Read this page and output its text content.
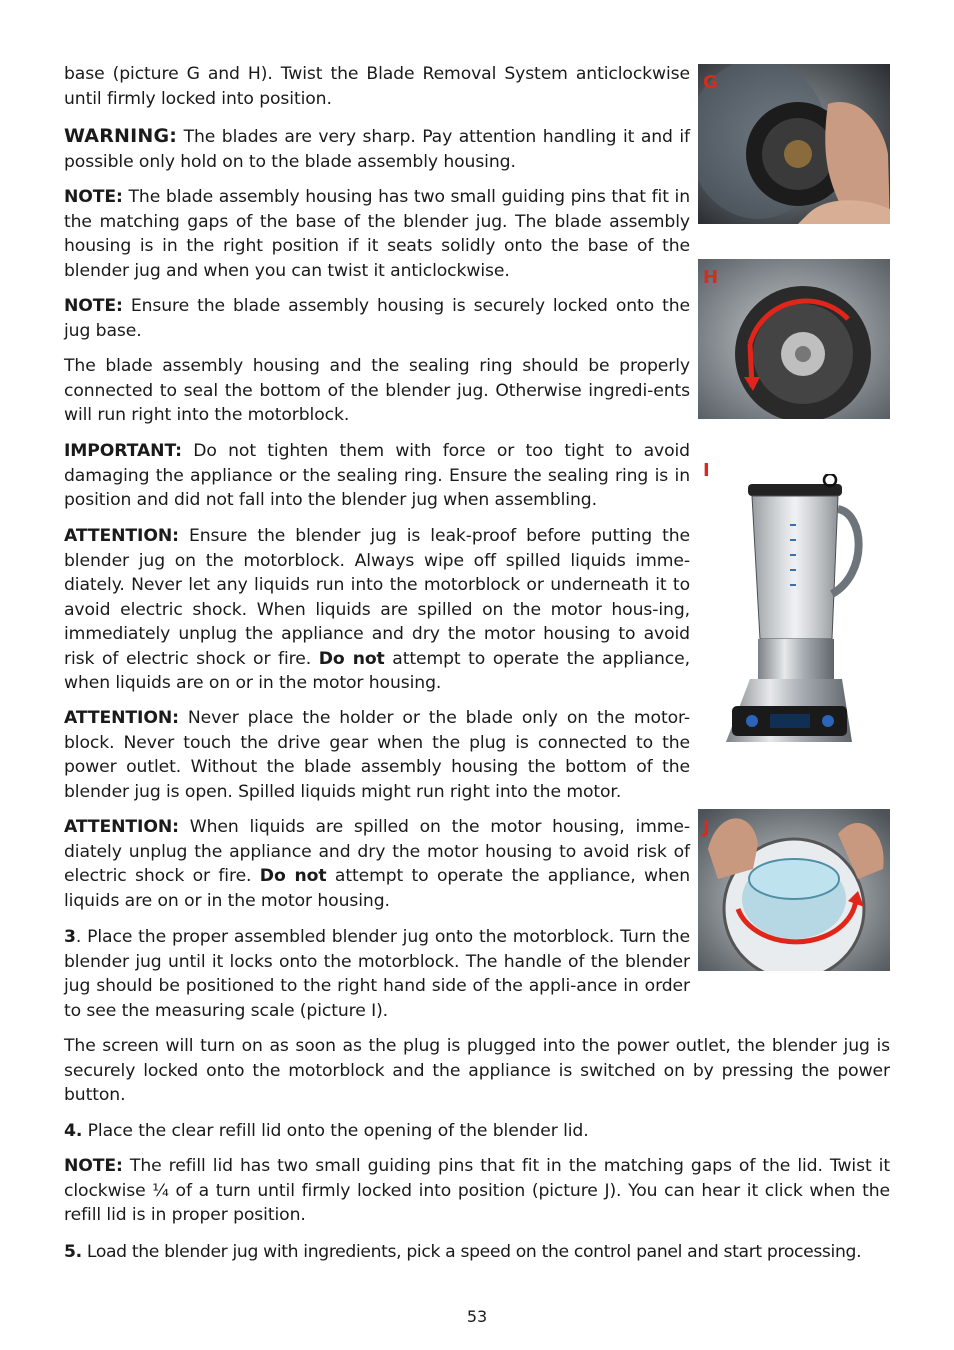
base (picture G and H). Twist the Blade Removal System anticlockwise until firmly locked into position.

WARNING: The blades are very sharp. Pay attention handling it and if possible only hold on to the blade assembly housing.

NOTE: The blade assembly housing has two small guiding pins that fit in the matching gaps of the base of the blender jug. The blade assembly housing is in the right position if it seats solidly onto the base of the blender jug and when you can twist it anticlockwise.

NOTE: Ensure the blade assembly housing is securely locked onto the jug base.

The blade assembly housing and the sealing ring should be properly connected to seal the bottom of the blender jug. Otherwise ingredi-ents will run right into the motorblock.

IMPORTANT: Do not tighten them with force or too tight to avoid damaging the appliance or the sealing ring. Ensure the sealing ring is in position and did not fall into the blender jug when assembling.

ATTENTION: Ensure the blender jug is leak-proof before putting the blender jug on the motorblock. Always wipe off spilled liquids imme-diately. Never let any liquids run into the motorblock or underneath it to avoid electric shock. When liquids are spilled on the motor hous-ing, immediately unplug the appliance and dry the motor housing to avoid risk of electric shock or fire. Do not attempt to operate the appliance, when liquids are on or in the motor housing.

ATTENTION: Never place the holder or the blade only on the motor-block. Never touch the drive gear when the plug is connected to the power outlet. Without the blade assembly housing the bottom of the blender jug is open. Spilled liquids might run right into the motor.

ATTENTION: When liquids are spilled on the motor housing, imme-diately unplug the appliance and dry the motor housing to avoid risk of electric shock or fire. Do not attempt to operate the appliance, when liquids are on or in the motor housing.

3. Place the proper assembled blender jug onto the motorblock. Turn the blender jug until it locks onto the motorblock. The handle of the blender jug should be positioned to the right hand side of the appli-ance in order to see the measuring scale (picture I).

The screen will turn on as soon as the plug is plugged into the power outlet, the blender jug is securely locked onto the motorblock and the appliance is switched on by pressing the power button.

4. Place the clear refill lid onto the opening of the blender lid.

NOTE: The refill lid has two small guiding pins that fit in the matching gaps of the lid. Twist it clockwise ¼ of a turn until firmly locked into position (picture J). You can hear it click when the refill lid is in proper position.

5. Load the blender jug with ingredients, pick a speed on the control panel and start processing.

G
H
I
J
53
